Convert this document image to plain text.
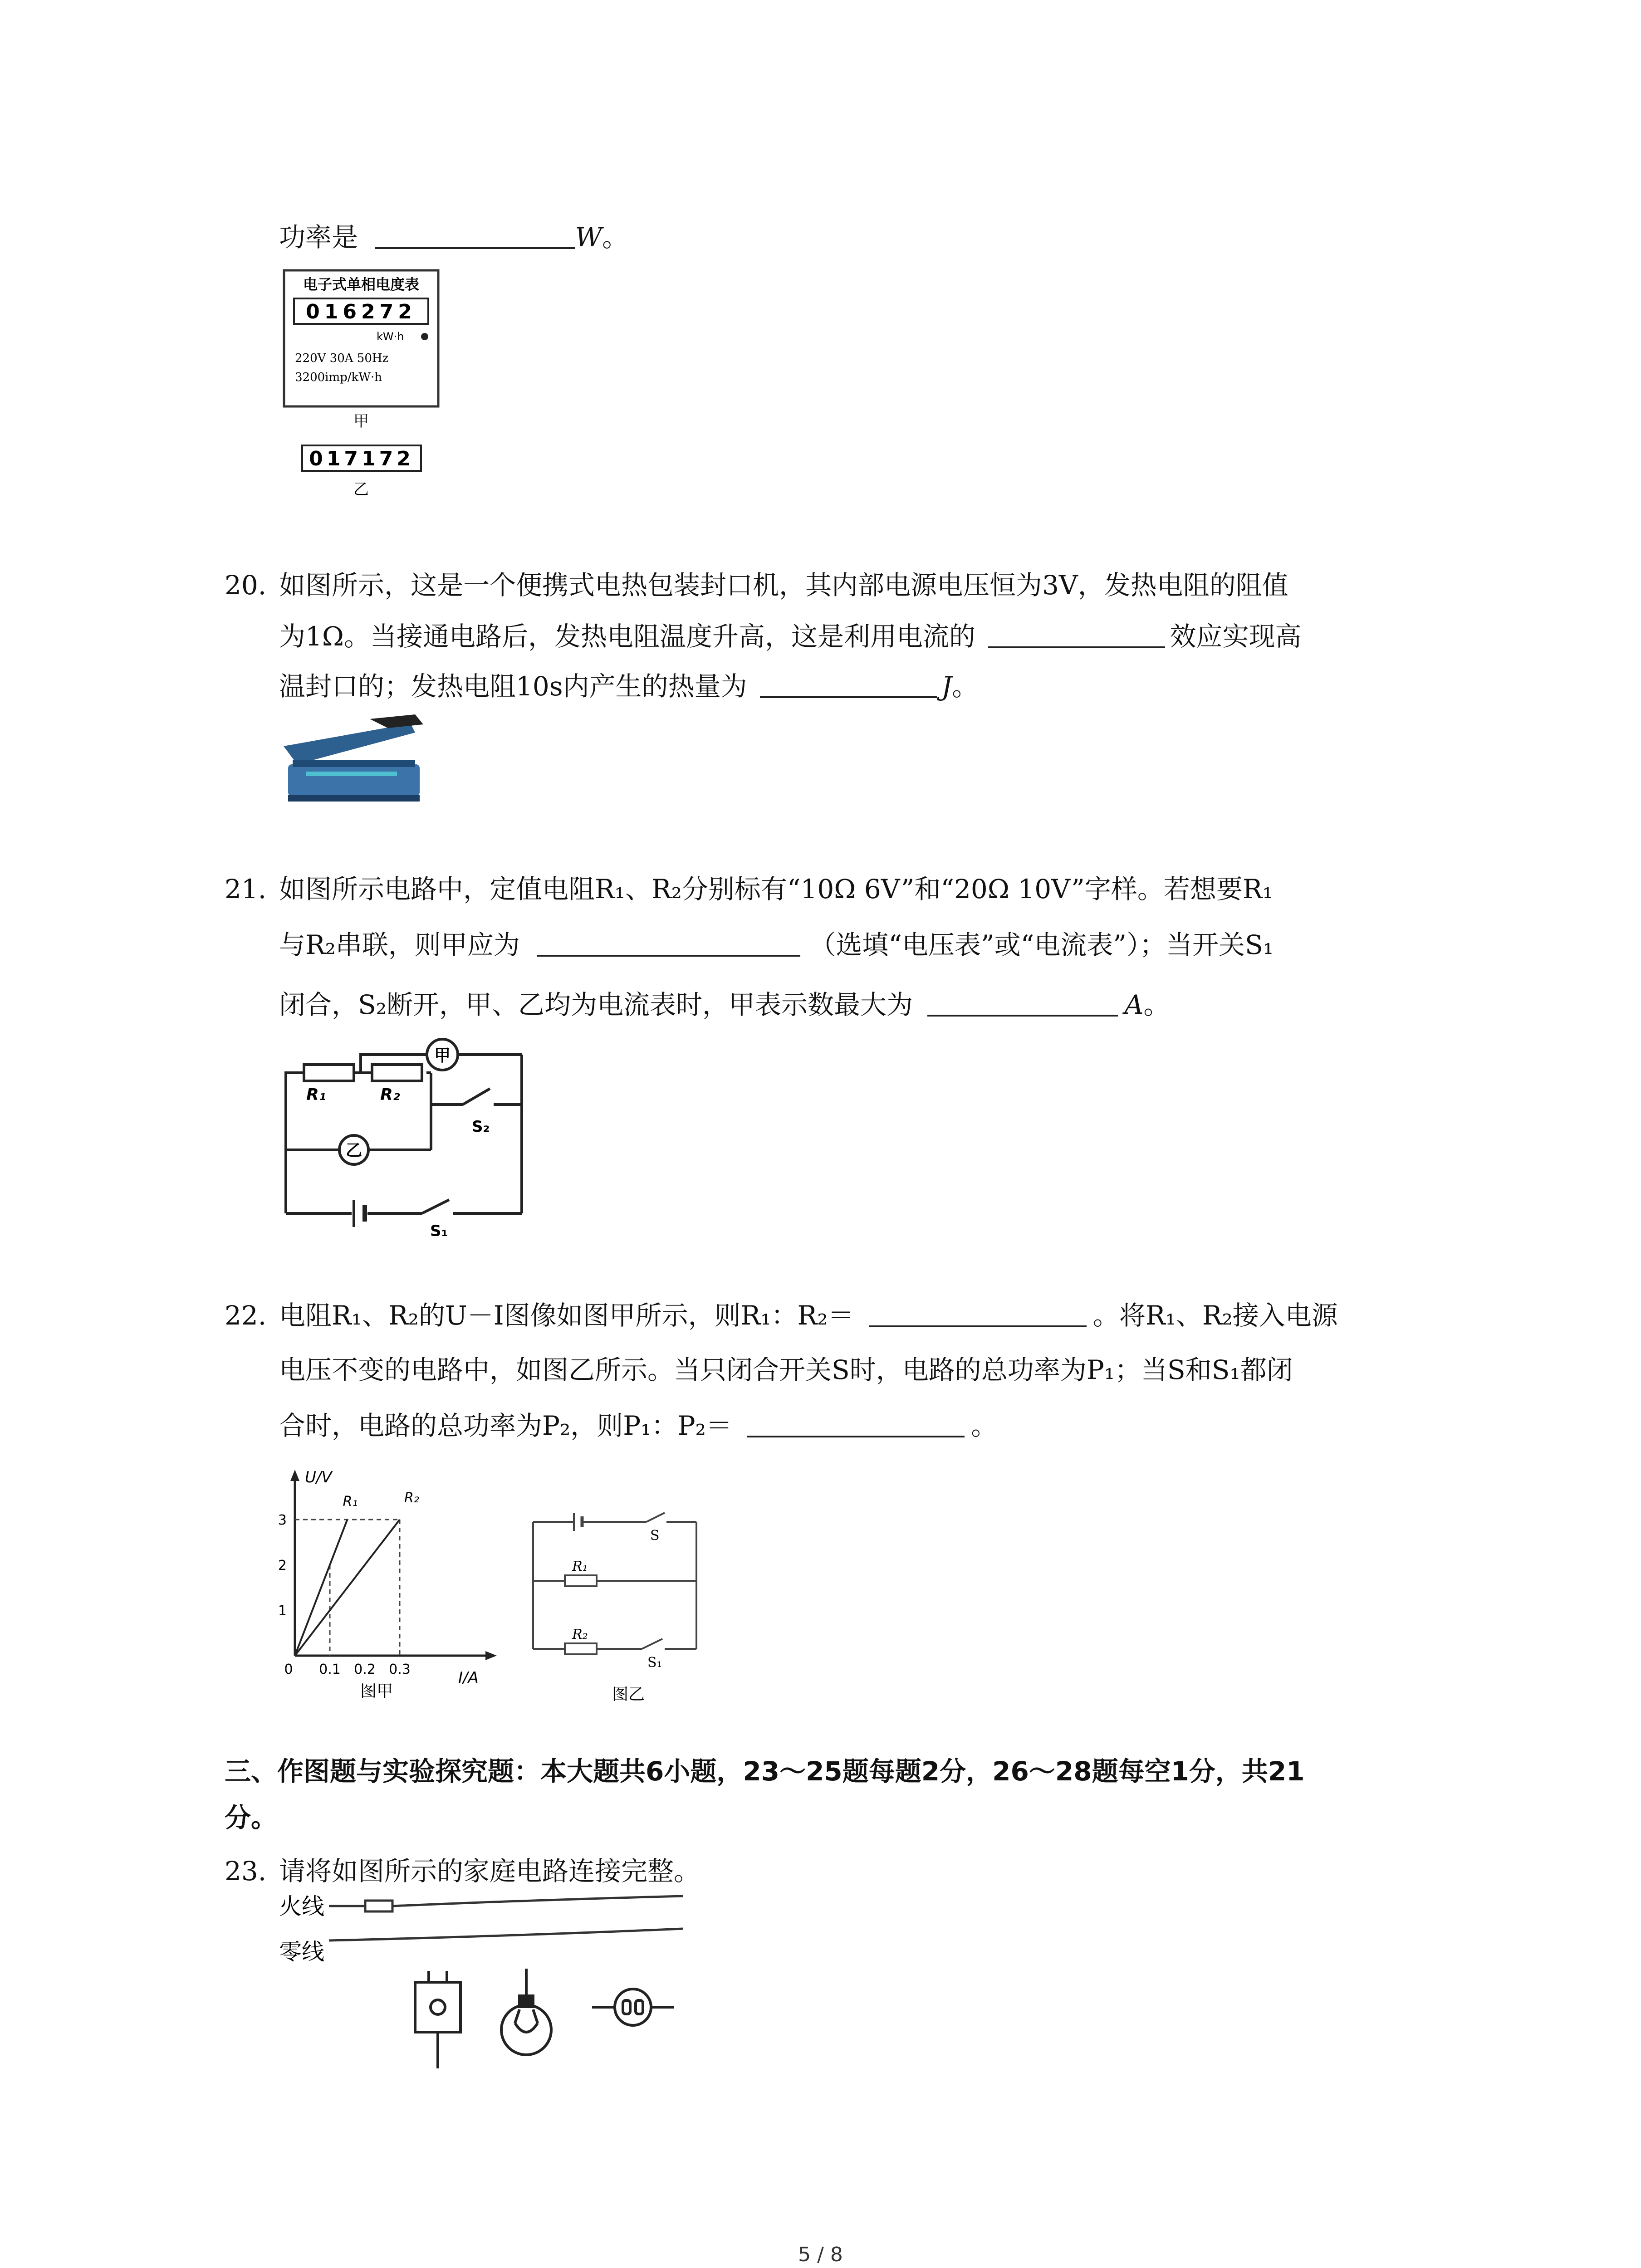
功率是	W。
电子式单相电度表
016272
kW·h
220V 30A 50Hz
3200imp/kW·h
甲
017172
乙
20. 如图所示，这是一个便携式电热包装封口机，其内部电源电压恒为3V，发热电阻的阻值
为1Ω。当接通电路后，发热电阻温度升高，这是利用电流的	效应实现高
温封口的；发热电阻10s内产生的热量为	J。
21. 如图所示电路中，定值电阻R₁、R₂分别标有“10Ω 6V”和“20Ω 10V”字样。若想要R₁
与R₂串联，则甲应为	（选填“电压表”或“电流表”）；当开关S₁
闭合，S₂断开，甲、乙均为电流表时，甲表示数最大为	A。
R₁	R₂
甲
乙
S₂
S₁
22. 电阻R₁、R₂的U－I图像如图甲所示，则R₁：R₂＝	。将R₁、R₂接入电源
电压不变的电路中，如图乙所示。当只闭合开关S时，电路的总功率为P₁；当S和S₁都闭
合时，电路的总功率为P₂，则P₁：P₂＝	。
R₁	R₂
1
2
3
0 0.1 0.2 0.3
U/V
I/A
图甲
S
R₁
R₂
S₁
图乙
三、作图题与实验探究题：本大题共6小题，23～25题每题2分，26～28题每空1分，共21
分。
23. 请将如图所示的家庭电路连接完整。
火线
零线
5 / 8
